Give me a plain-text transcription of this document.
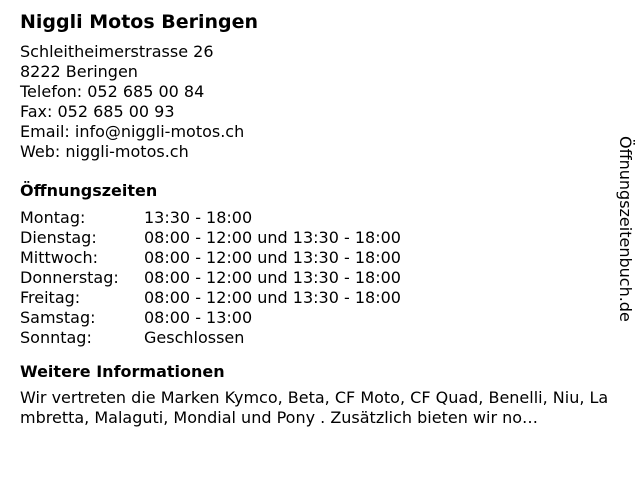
Niggli Motos Beringen
Schleitheimerstrasse 26
8222 Beringen
Telefon: 052 685 00 84
Fax: 052 685 00 93
Email: info@niggli-motos.ch
Web: niggli-motos.ch
Öffnungszeiten
Montag:	13:30 - 18:00
Dienstag:	08:00 - 12:00 und 13:30 - 18:00
Mittwoch:	08:00 - 12:00 und 13:30 - 18:00
Donnerstag:	08:00 - 12:00 und 13:30 - 18:00
Freitag:	08:00 - 12:00 und 13:30 - 18:00
Samstag:	08:00 - 13:00
Sonntag:	Geschlossen
Weitere Informationen
Wir vertreten die Marken Kymco, Beta, CF Moto, CF Quad, Benelli, Niu, Lambretta, Malaguti, Mondial und Pony . Zusätzlich bieten wir no…
Öffnungszeitenbuch.de
